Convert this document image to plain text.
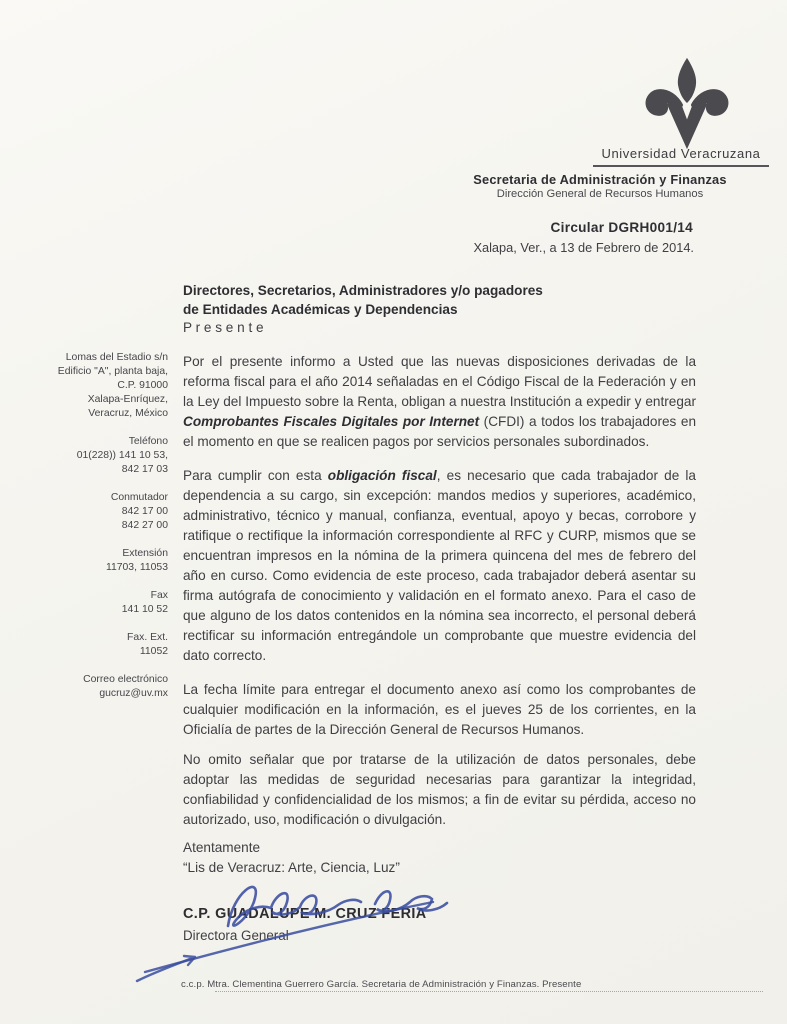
Universidad Veracruzana
Secretaria de Administración y Finanzas
Dirección General de Recursos Humanos
Circular DGRH001/14
Xalapa, Ver., a 13 de Febrero de 2014.
Lomas del Estadio s/n
Edificio "A", planta baja,
C.P. 91000
Xalapa-Enríquez,
Veracruz, México
Teléfono
01(228)) 141 10 53,
842 17 03
Conmutador
842 17 00
842 27 00
Extensión
11703, 11053
Fax
141 10 52
Fax. Ext.
11052
Correo electrónico
gucruz@uv.mx
Directores, Secretarios, Administradores y/o pagadores
de Entidades Académicas y Dependencias
P r e s e n t e

Por el presente informo a Usted que las nuevas disposiciones derivadas de la reforma fiscal para el año 2014 señaladas en el Código Fiscal de la Federación y en la Ley del Impuesto sobre la Renta, obligan a nuestra Institución a expedir y entregar Comprobantes Fiscales Digitales por Internet (CFDI) a todos los trabajadores en el momento en que se realicen pagos por servicios personales subordinados.

Para cumplir con esta obligación fiscal, es necesario que cada trabajador de la dependencia a su cargo, sin excepción: mandos medios y superiores, académico, administrativo, técnico y manual, confianza, eventual, apoyo y becas, corrobore y ratifique o rectifique la información correspondiente al RFC y CURP, mismos que se encuentran impresos en la nómina de la primera quincena del mes de febrero del año en curso. Como evidencia de este proceso, cada trabajador deberá asentar su firma autógrafa de conocimiento y validación en el formato anexo. Para el caso de que alguno de los datos contenidos en la nómina sea incorrecto, el personal deberá rectificar su información entregándole un comprobante que muestre evidencia del dato correcto.

La fecha límite para entregar el documento anexo así como los comprobantes de cualquier modificación en la información, es el jueves 25 de los corrientes, en la Oficialía de partes de la Dirección General de Recursos Humanos.

No omito señalar que por tratarse de la utilización de datos personales, debe adoptar las medidas de seguridad necesarias para garantizar la integridad, confiabilidad y confidencialidad de los mismos; a fin de evitar su pérdida, acceso no autorizado, uso, modificación o divulgación.

Atentamente
“Lis de Veracruz: Arte, Ciencia, Luz”
C.P. GUADALUPE M. CRUZ FERIA
Directora General
c.c.p. Mtra. Clementina Guerrero García. Secretaria de Administración y Finanzas. Presente
